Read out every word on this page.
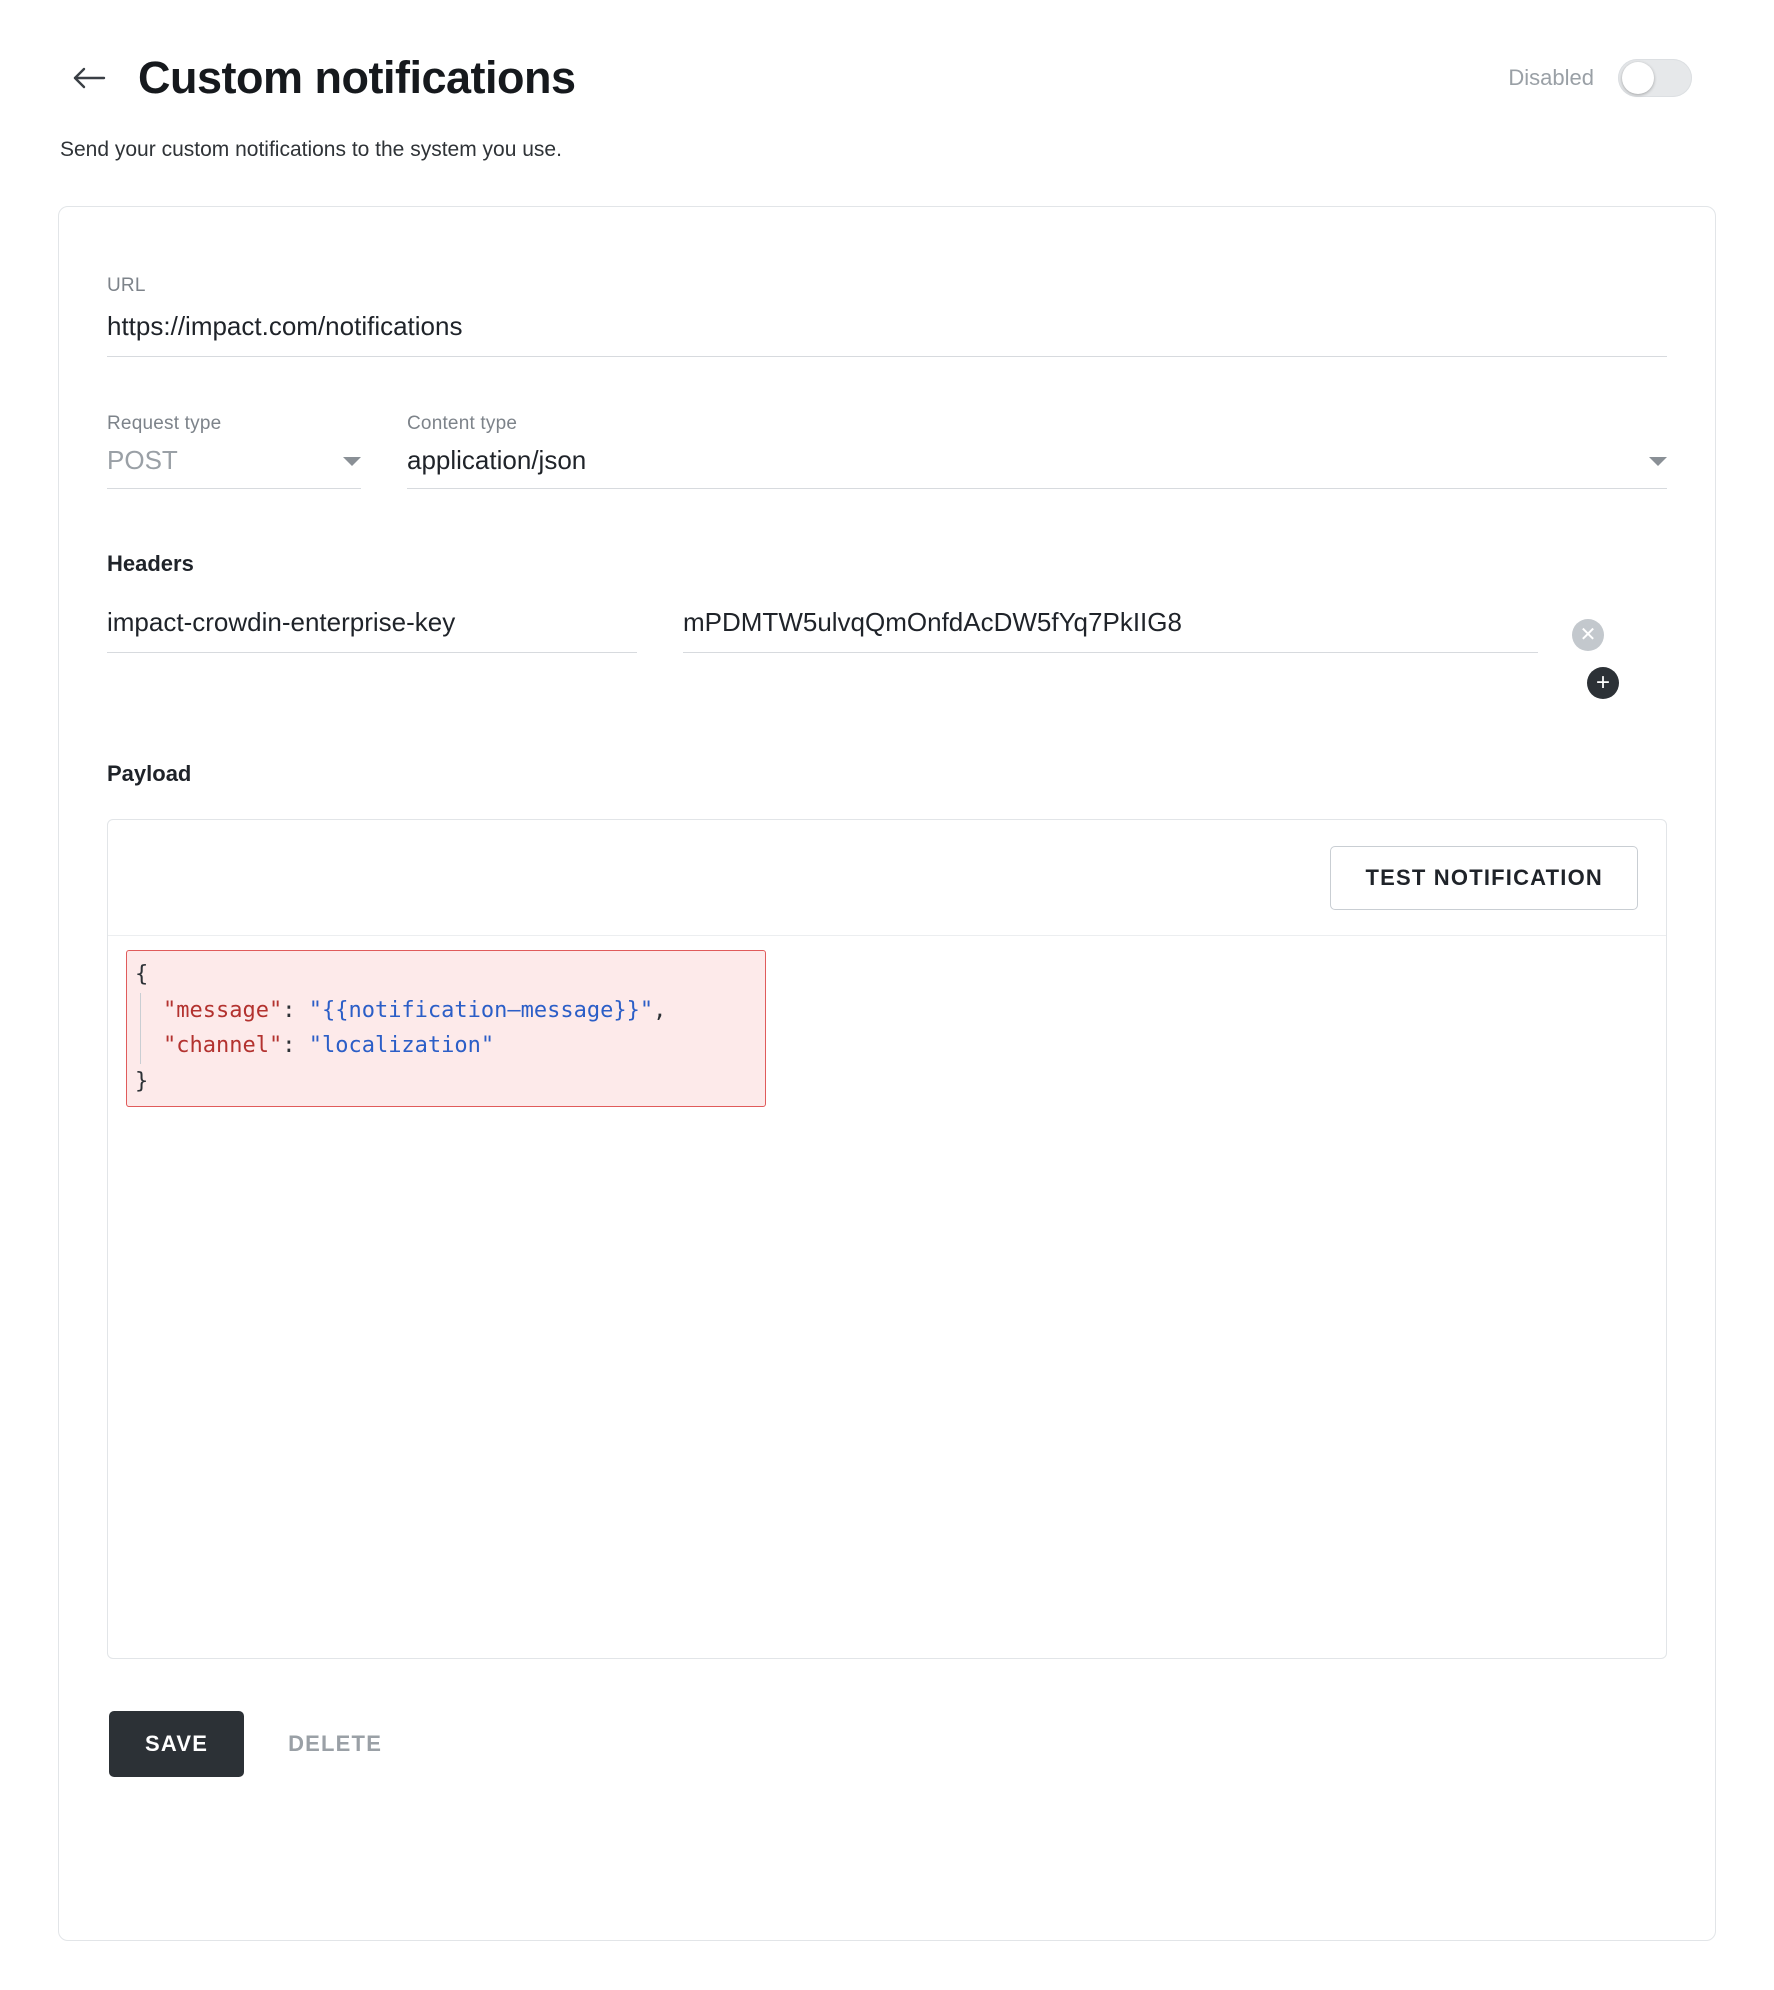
Custom notifications	Disabled
Send your custom notifications to the system you use.
URL
https://impact.com/notifications
Request type
POST
Content type
application/json
Headers
impact-crowdin-enterprise-key	mPDMTW5ulvqQmOnfdAcDW5fYq7PkIIG8	✕
+
Payload
TEST NOTIFICATION
{
"message": "{{notification–message}}",
"channel": "localization"
}
SAVE	DELETE
